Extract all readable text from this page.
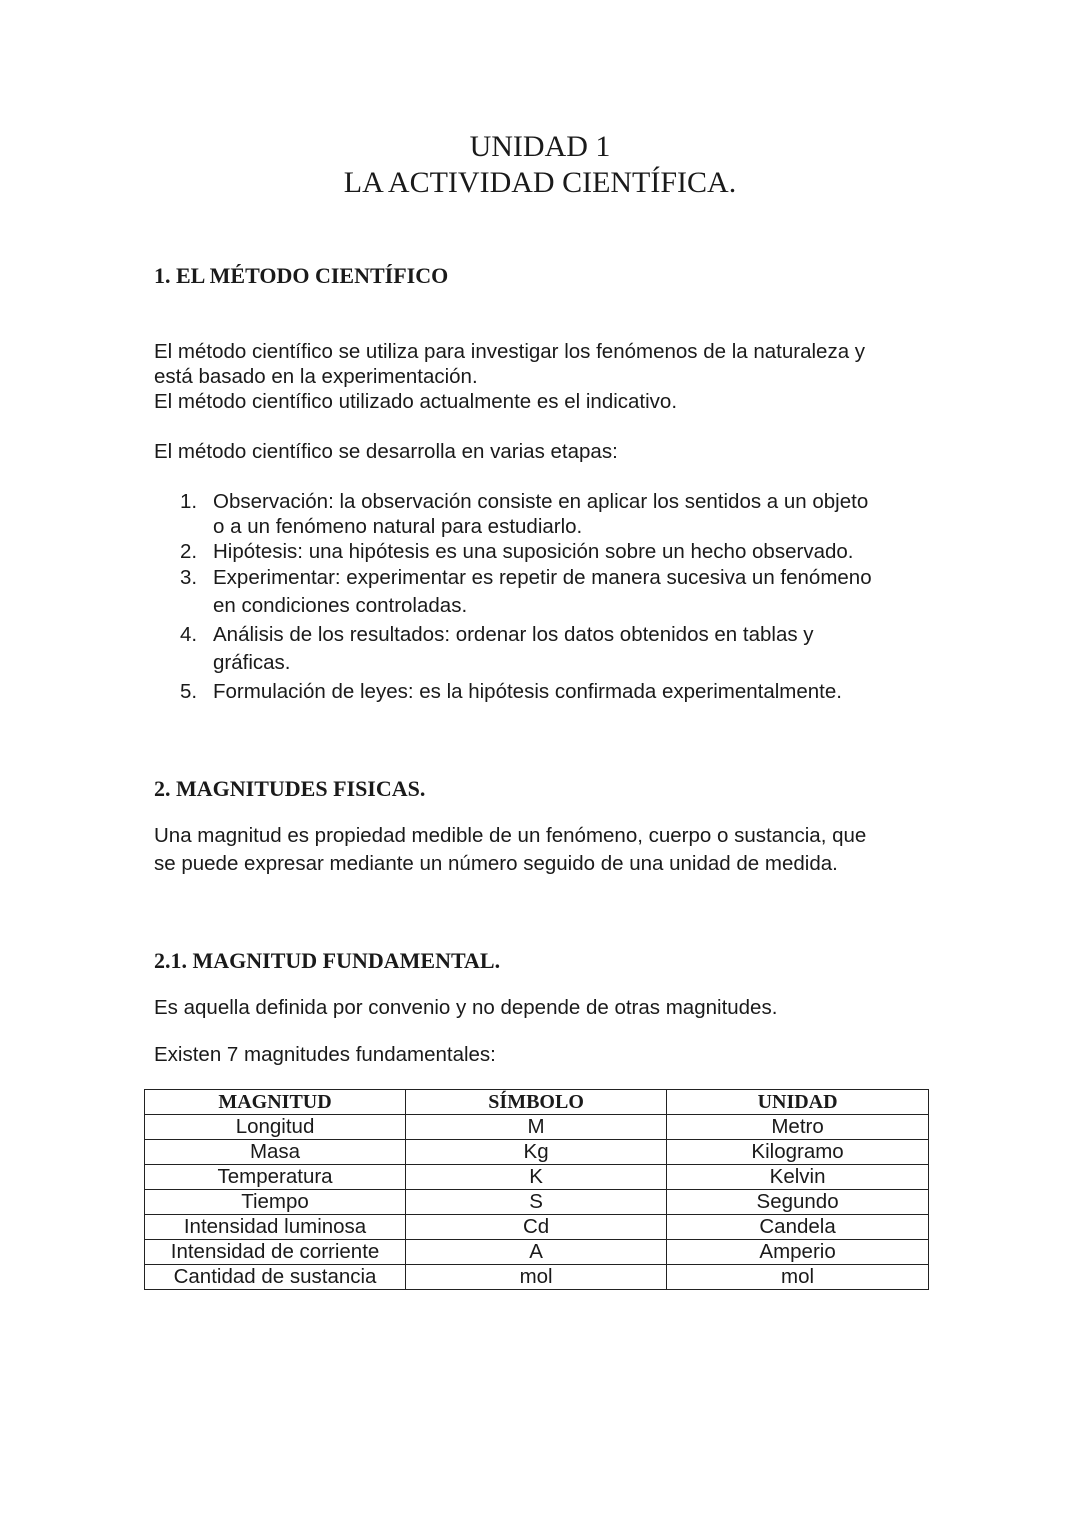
UNIDAD 1
LA ACTIVIDAD CIENTÍFICA.
1. EL MÉTODO CIENTÍFICO
El método científico se utiliza para investigar los fenómenos de la naturaleza y
está basado en la experimentación.
El método científico utilizado actualmente es el indicativo.
El método científico se desarrolla en varias etapas:
1. Observación: la observación consiste en aplicar los sentidos a un objeto
o a un fenómeno natural para estudiarlo.
2. Hipótesis: una hipótesis es una suposición sobre un hecho observado.
3. Experimentar: experimentar es repetir de manera sucesiva un fenómeno
en condiciones controladas.
4. Análisis de los resultados: ordenar los datos obtenidos en tablas y
gráficas.
5. Formulación de leyes: es la hipótesis confirmada experimentalmente.
2. MAGNITUDES FISICAS.
Una magnitud es propiedad medible de un fenómeno, cuerpo o sustancia, que
se puede expresar mediante un número seguido de una unidad de medida.
2.1. MAGNITUD FUNDAMENTAL.
Es aquella definida por convenio y no depende de otras magnitudes.
Existen 7 magnitudes fundamentales:
MAGNITUD	SÍMBOLO	UNIDAD
Longitud	M	Metro
Masa	Kg	Kilogramo
Temperatura	K	Kelvin
Tiempo	S	Segundo
Intensidad luminosa	Cd	Candela
Intensidad de corriente	A	Amperio
Cantidad de sustancia	mol	mol
